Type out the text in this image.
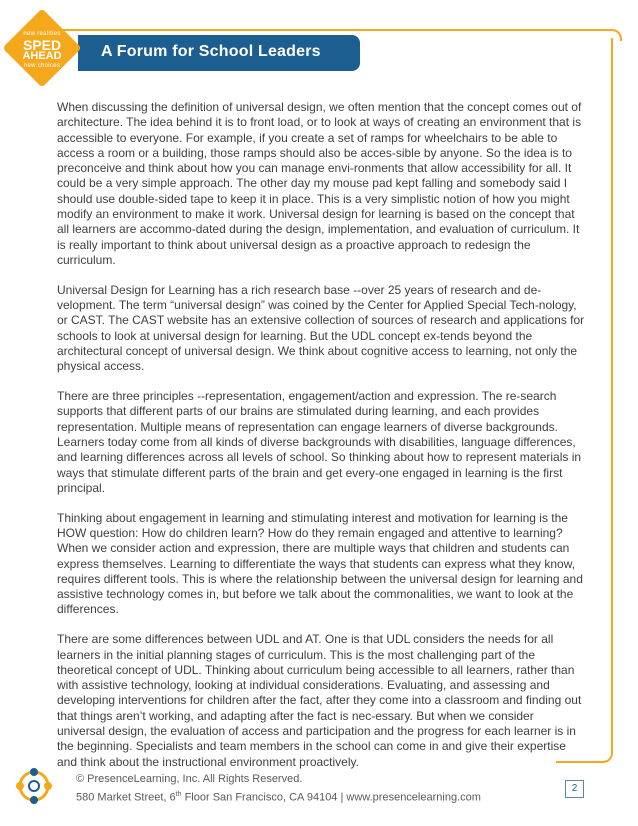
A Forum for School Leaders
new realities
SPED
AHEAD
new choices

When discussing the definition of universal design, we often mention that the concept comes out of architecture. The idea behind it is to front load, or to look at ways of creating an environment that is accessible to everyone. For example, if you create a set of ramps for wheelchairs to be able to access a room or a building, those ramps should also be acces-sible by anyone. So the idea is to preconceive and think about how you can manage envi-ronments that allow accessibility for all. It could be a very simple approach. The other day my mouse pad kept falling and somebody said I should use double-sided tape to keep it in place. This is a very simplistic notion of how you might modify an environment to make it work. Universal design for learning is based on the concept that all learners are accommo-dated during the design, implementation, and evaluation of curriculum. It is really important to think about universal design as a proactive approach to redesign the curriculum.

Universal Design for Learning has a rich research base --over 25 years of research and de-velopment. The term “universal design” was coined by the Center for Applied Special Tech-nology, or CAST. The CAST website has an extensive collection of sources of research and applications for schools to look at universal design for learning. But the UDL concept ex-tends beyond the architectural concept of universal design. We think about cognitive access to learning, not only the physical access.

There are three principles --representation, engagement/action and expression. The re-search supports that different parts of our brains are stimulated during learning, and each provides representation. Multiple means of representation can engage learners of diverse backgrounds. Learners today come from all kinds of diverse backgrounds with disabilities, language differences, and learning differences across all levels of school. So thinking about how to represent materials in ways that stimulate different parts of the brain and get every-one engaged in learning is the first principal.

Thinking about engagement in learning and stimulating interest and motivation for learning is the HOW question: How do children learn? How do they remain engaged and attentive to learning? When we consider action and expression, there are multiple ways that children and students can express themselves. Learning to differentiate the ways that students can express what they know, requires different tools. This is where the relationship between the universal design for learning and assistive technology comes in, but before we talk about the commonalities, we want to look at the differences.

There are some differences between UDL and AT. One is that UDL considers the needs for all learners in the initial planning stages of curriculum. This is the most challenging part of the theoretical concept of UDL. Thinking about curriculum being accessible to all learners, rather than with assistive technology, looking at individual considerations. Evaluating, and assessing and developing interventions for children after the fact, after they come into a classroom and finding out that things aren’t working, and adapting after the fact is nec-essary. But when we consider universal design, the evaluation of access and participation and the progress for each learner is in the beginning. Specialists and team members in the school can come in and give their expertise and think about the instructional environment proactively.

© PresenceLearning, Inc. All Rights Reserved.
580 Market Street, 6th Floor San Francisco, CA 94104 | www.presencelearning.com
2
